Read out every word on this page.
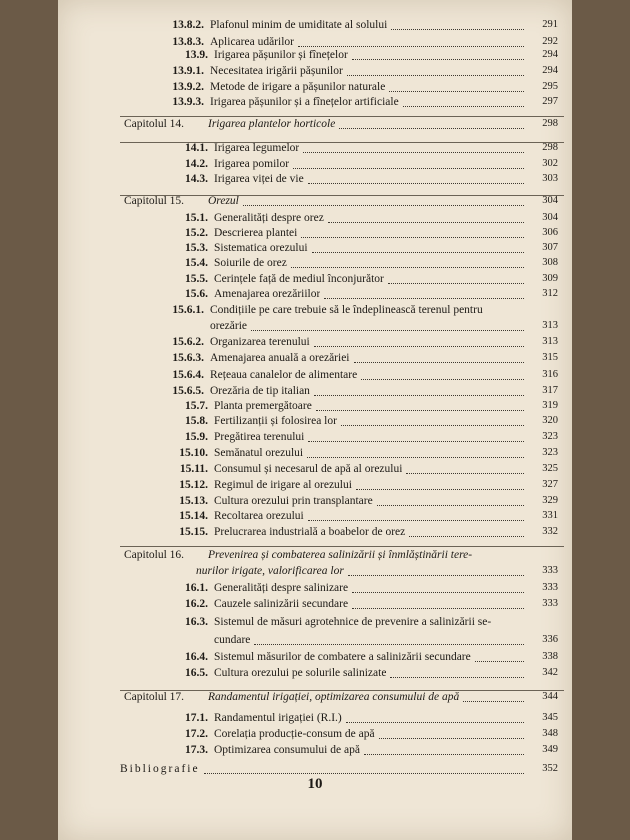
13.8.2. Plafonul minim de umiditate al solului	291
13.8.3. Aplicarea udărilor	292
13.9. Irigarea pășunilor și fînețelor	294
13.9.1. Necesitatea irigării pășunilor	294
13.9.2. Metode de irigare a pășunilor naturale	295
13.9.3. Irigarea pășunilor și a fînețelor artificiale	297
Capitolul 14. Irigarea plantelor horticole	298
14.1. Irigarea legumelor	298
14.2. Irigarea pomilor	302
14.3. Irigarea viței de vie	303
Capitolul 15. Orezul	304
15.1. Generalități despre orez	304
15.2. Descrierea plantei	306
15.3. Sistematica orezului	307
15.4. Soiurile de orez	308
15.5. Cerințele față de mediul înconjurător	309
15.6. Amenajarea orezăriilor	312
15.6.1. Condițiile pe care trebuie să le îndeplinească terenul pentru
orezărie	313
15.6.2. Organizarea terenului	313
15.6.3. Amenajarea anuală a orezăriei	315
15.6.4. Rețeaua canalelor de alimentare	316
15.6.5. Orezăria de tip italian	317
15.7. Planta premergătoare	319
15.8. Fertilizanții și folosirea lor	320
15.9. Pregătirea terenului	323
15.10. Semănatul orezului	323
15.11. Consumul și necesarul de apă al orezului	325
15.12. Regimul de irigare al orezului	327
15.13. Cultura orezului prin transplantare	329
15.14. Recoltarea orezului	331
15.15. Prelucrarea industrială a boabelor de orez	332
Capitolul 16. Prevenirea și combaterea salinizării și înmlăștinării tere-
nurilor irigate, valorificarea lor	333
16.1. Generalități despre salinizare	333
16.2. Cauzele salinizării secundare	333
16.3. Sistemul de măsuri agrotehnice de prevenire a salinizării se-
cundare	336
16.4. Sistemul măsurilor de combatere a salinizării secundare	338
16.5. Cultura orezului pe solurile salinizate	342
Capitolul 17. Randamentul irigației, optimizarea consumului de apă	344
17.1. Randamentul irigației (R.I.)	345
17.2. Corelația producție-consum de apă	348
17.3. Optimizarea consumului de apă	349
Bibliografie	352
10
